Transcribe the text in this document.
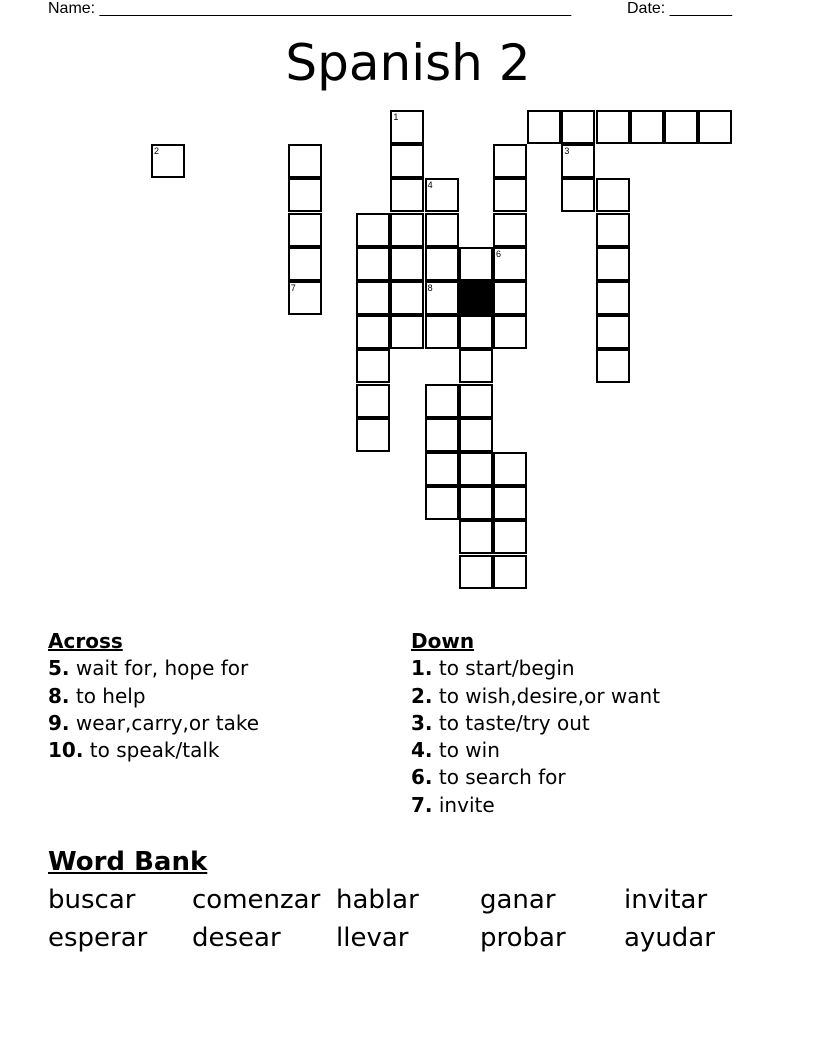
Name: _____________________________________________________	Date: _______
Spanish 2
2
7
1
4
8
6
3
Across
5. wait for, hope for
8. to help
9. wear,carry,or take
10. to speak/talk
Down
1. to start/begin
2. to wish,desire,or want
3. to taste/try out
4. to win
6. to search for
7. invite
Word Bank
buscar comenzar hablar ganar	invitar
esperar desear llevar	probar ayudar
